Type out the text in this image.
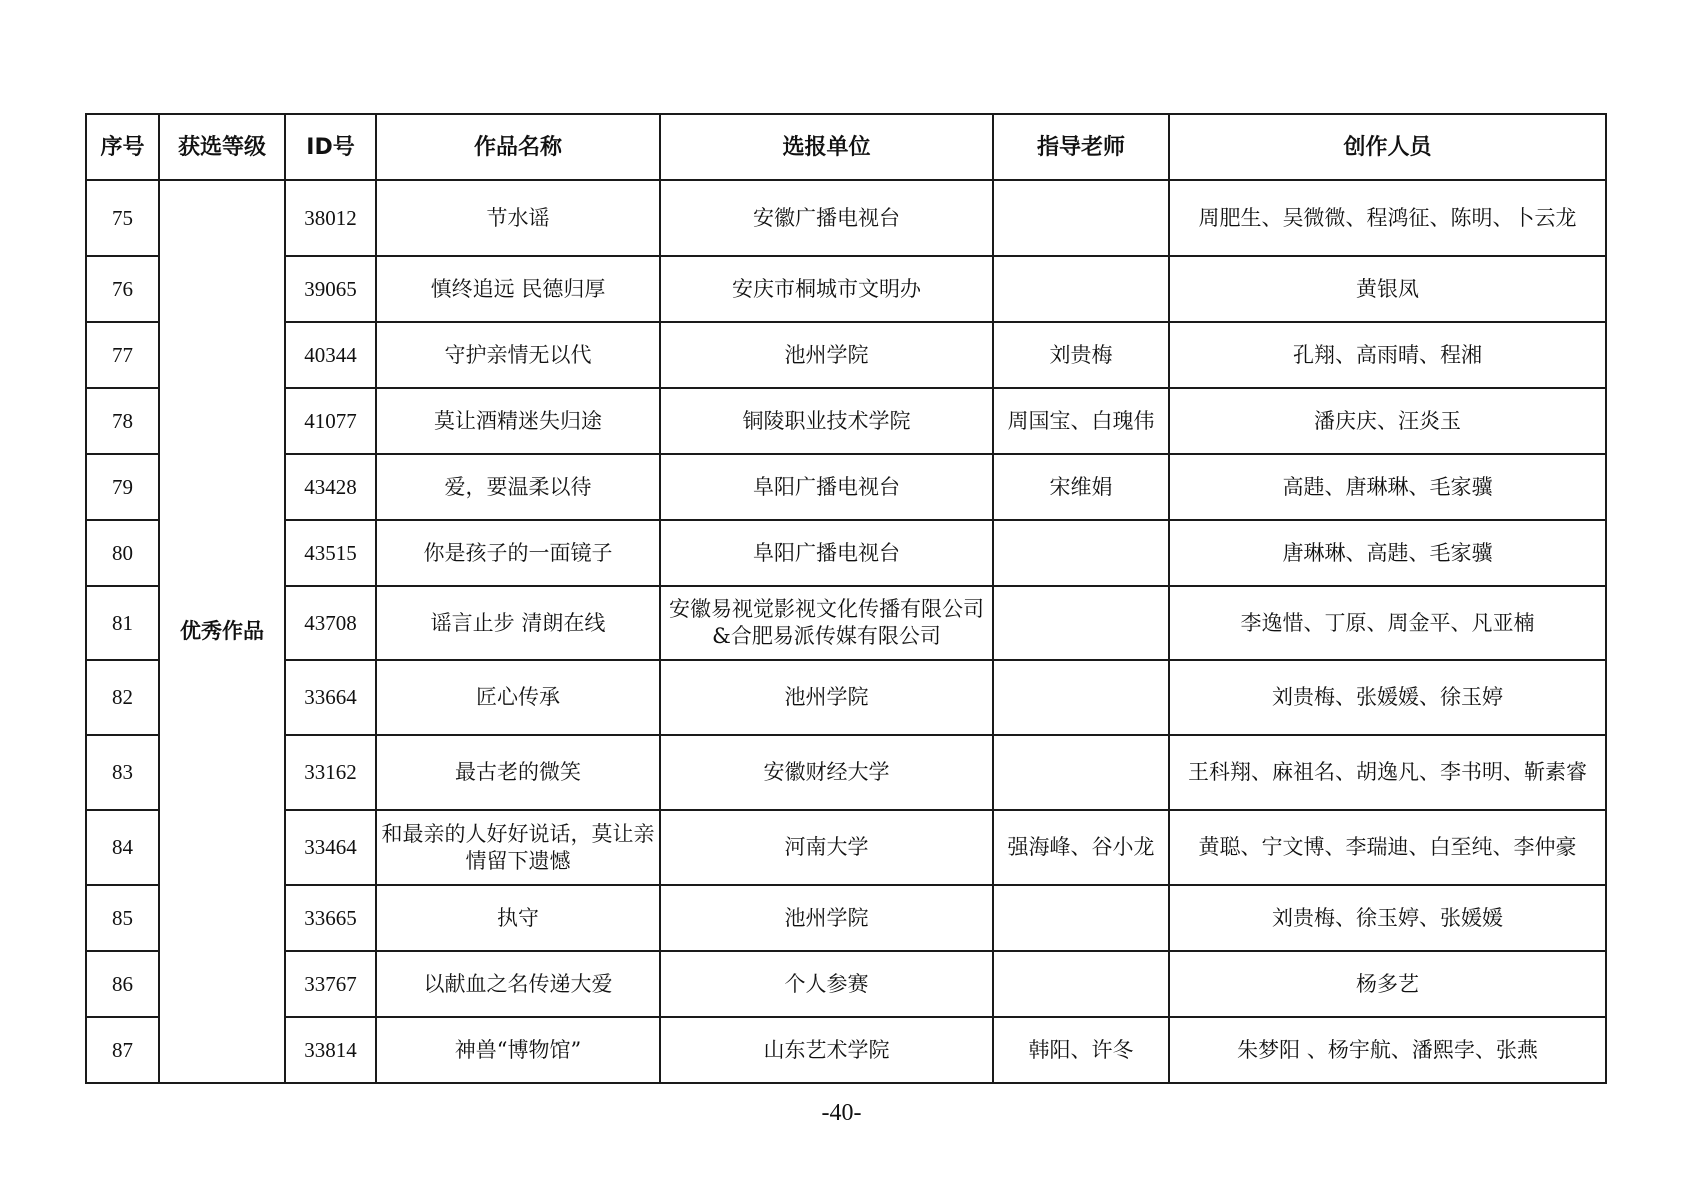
序号	获选等级	ID号	作品名称	选报单位	指导老师	创作人员
75	优秀作品	38012	节水谣	安徽广播电视台		周肥生、吴微微、程鸿征、陈明、卜云龙
76		39065	慎终追远 民德归厚	安庆市桐城市文明办		黄银凤
77		40344	守护亲情无以代	池州学院	刘贵梅	孔翔、高雨晴、程湘
78		41077	莫让酒精迷失归途	铜陵职业技术学院	周国宝、白瑰伟	潘庆庆、汪炎玉
79		43428	爱，要温柔以待	阜阳广播电视台	宋维娟	高韪、唐琳琳、毛家骥
80		43515	你是孩子的一面镜子	阜阳广播电视台		唐琳琳、高韪、毛家骥
81		43708	谣言止步 清朗在线	安徽易视觉影视文化传播有限公司&合肥易派传媒有限公司		李逸惜、丁原、周金平、凡亚楠
82		33664	匠心传承	池州学院		刘贵梅、张媛媛、徐玉婷
83		33162	最古老的微笑	安徽财经大学		王科翔、麻祖名、胡逸凡、李书明、靳素睿
84		33464	和最亲的人好好说话，莫让亲情留下遗憾	河南大学	强海峰、谷小龙	黄聪、宁文博、李瑞迪、白至纯、李仲豪
85		33665	执守	池州学院		刘贵梅、徐玉婷、张媛媛
86		33767	以献血之名传递大爱	个人参赛		杨多艺
87		33814	神兽“博物馆”	山东艺术学院	韩阳、许冬	朱梦阳 、杨宇航、潘熙孛、张燕
-40-
